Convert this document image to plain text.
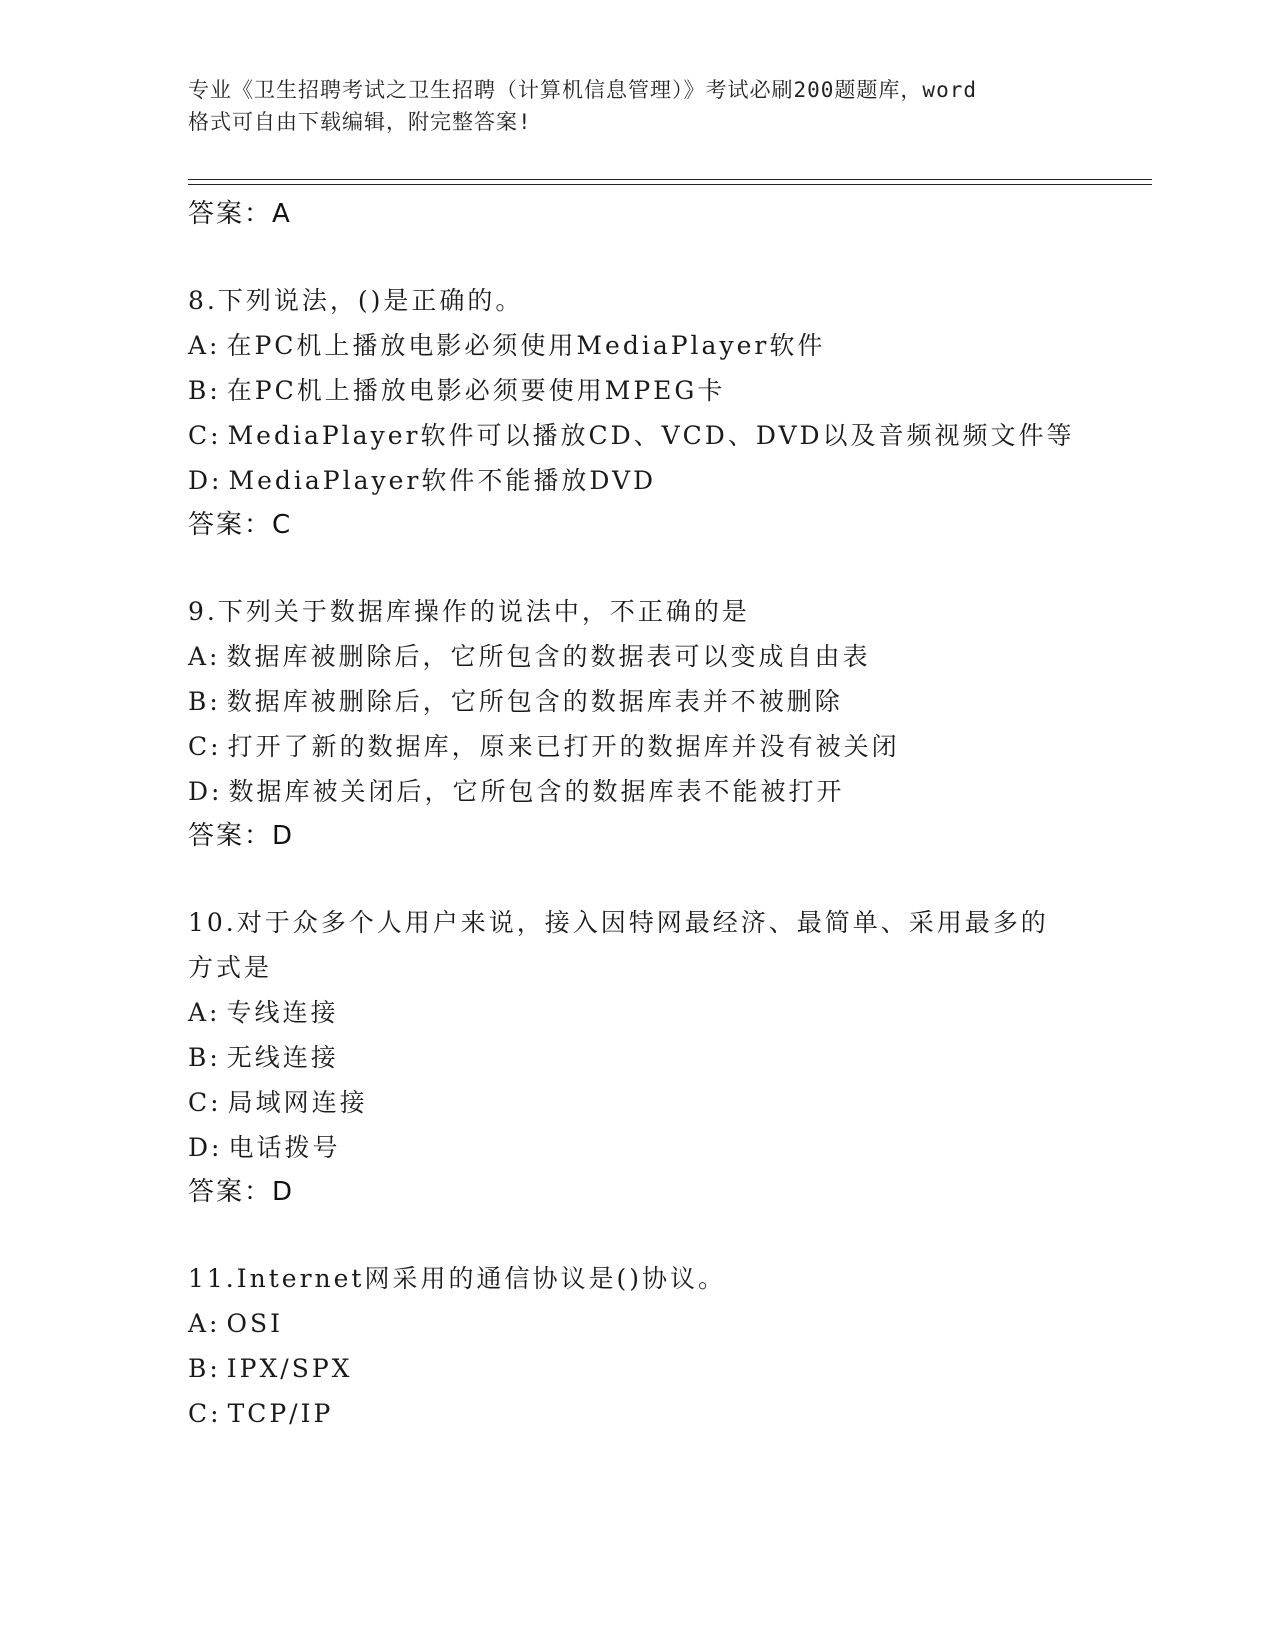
专业《卫生招聘考试之卫生招聘（计算机信息管理）》考试必刷200题题库，word
格式可自由下载编辑，附完整答案!
答案：A
8.下列说法，()是正确的。
A: 在PC机上播放电影必须使用MediaPlayer软件
B: 在PC机上播放电影必须要使用MPEG卡
C: MediaPlayer软件可以播放CD、VCD、DVD以及音频视频文件等
D: MediaPlayer软件不能播放DVD
答案：C
9.下列关于数据库操作的说法中，不正确的是
A: 数据库被删除后，它所包含的数据表可以变成自由表
B: 数据库被删除后，它所包含的数据库表并不被删除
C: 打开了新的数据库，原来已打开的数据库并没有被关闭
D: 数据库被关闭后，它所包含的数据库表不能被打开
答案：D
10.对于众多个人用户来说，接入因特网最经济、最简单、采用最多的方式是
A: 专线连接
B: 无线连接
C: 局域网连接
D: 电话拨号
答案：D
11.Internet网采用的通信协议是()协议。
A: OSI
B: IPX/SPX
C: TCP/IP
